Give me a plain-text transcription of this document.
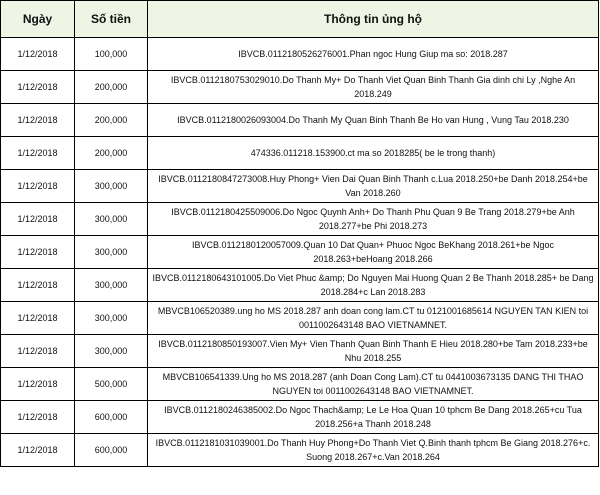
Ngày	Số tiền	Thông tin ủng hộ
1/12/2018	100,000	IBVCB.0112180526276001.Phan ngoc Hung Giup ma so: 2018.287
1/12/2018	200,000	IBVCB.0112180753029010.Do Thanh My+ Do Thanh Viet Quan Binh Thanh Gia dinh chi Ly ,Nghe An 2018.249
1/12/2018	200,000	IBVCB.0112180026093004.Do Thanh My Quan Binh Thanh Be Ho van Hung , Vung Tau 2018.230
1/12/2018	200,000	474336.011218.153900.ct ma so 2018285( be le trong thanh)
1/12/2018	300,000	IBVCB.0112180847273008.Huy Phong+ Vien Dai Quan Binh Thanh c.Lua 2018.250+be Danh 2018.254+be Van 2018.260
1/12/2018	300,000	IBVCB.0112180425509006.Do Ngoc Quynh Anh+ Do Thanh Phu Quan 9 Be Trang 2018.279+be Anh 2018.277+be Phi 2018.273
1/12/2018	300,000	IBVCB.0112180120057009.Quan 10 Dat Quan+ Phuoc Ngoc BeKhang 2018.261+be Ngoc 2018.263+beHoang 2018.266
1/12/2018	300,000	IBVCB.0112180643101005.Do Viet Phuc &amp; Do Nguyen Mai Huong Quan 2 Be Thanh 2018.285+ be Dang 2018.284+c Lan 2018.283
1/12/2018	300,000	MBVCB106520389.ung ho MS 2018.287 anh doan cong lam.CT tu 0121001685614 NGUYEN TAN KIEN toi 0011002643148 BAO VIETNAMNET.
1/12/2018	300,000	IBVCB.0112180850193007.Vien My+ Vien Thanh Quan Binh Thanh E Hieu 2018.280+be Tam 2018.233+be Nhu 2018.255
1/12/2018	500,000	MBVCB106541339.Ung ho MS 2018.287 (anh Doan Cong Lam).CT tu 0441003673135 DANG THI THAO NGUYEN toi 0011002643148 BAO VIETNAMNET.
1/12/2018	600,000	IBVCB.0112180246385002.Do Ngoc Thach&amp; Le Le Hoa Quan 10 tphcm Be Dang 2018.265+cu Tua 2018.256+a Thanh 2018.248
1/12/2018	600,000	IBVCB.0112181031039001.Do Thanh Huy Phong+Do Thanh Viet Q.Binh thanh tphcm Be Giang 2018.276+c. Suong 2018.267+c.Van 2018.264
